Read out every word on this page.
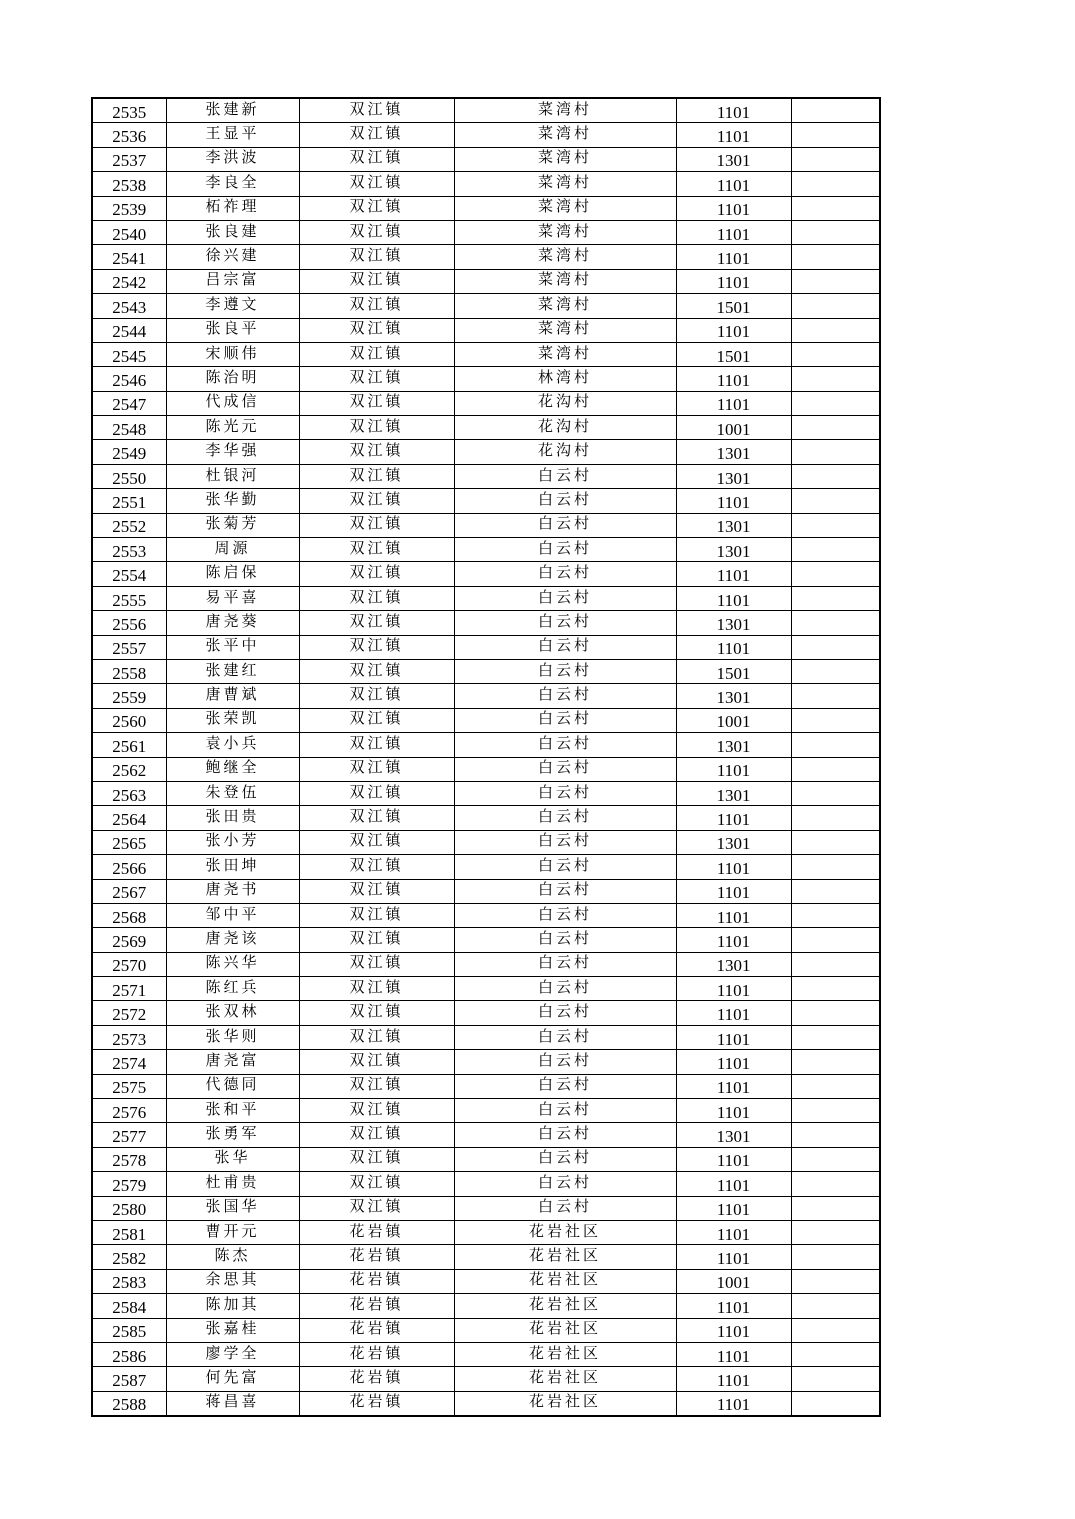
2535	张建新	双江镇	菜湾村	1101	
2536	王显平	双江镇	菜湾村	1101	
2537	李洪波	双江镇	菜湾村	1301	
2538	李良全	双江镇	菜湾村	1101	
2539	柘祚理	双江镇	菜湾村	1101	
2540	张良建	双江镇	菜湾村	1101	
2541	徐兴建	双江镇	菜湾村	1101	
2542	吕宗富	双江镇	菜湾村	1101	
2543	李遵文	双江镇	菜湾村	1501	
2544	张良平	双江镇	菜湾村	1101	
2545	宋顺伟	双江镇	菜湾村	1501	
2546	陈治明	双江镇	林湾村	1101	
2547	代成信	双江镇	花沟村	1101	
2548	陈光元	双江镇	花沟村	1001	
2549	李华强	双江镇	花沟村	1301	
2550	杜银河	双江镇	白云村	1301	
2551	张华勤	双江镇	白云村	1101	
2552	张菊芳	双江镇	白云村	1301	
2553	周源	双江镇	白云村	1301	
2554	陈启保	双江镇	白云村	1101	
2555	易平喜	双江镇	白云村	1101	
2556	唐尧葵	双江镇	白云村	1301	
2557	张平中	双江镇	白云村	1101	
2558	张建红	双江镇	白云村	1501	
2559	唐曹斌	双江镇	白云村	1301	
2560	张荣凯	双江镇	白云村	1001	
2561	袁小兵	双江镇	白云村	1301	
2562	鲍继全	双江镇	白云村	1101	
2563	朱登伍	双江镇	白云村	1301	
2564	张田贵	双江镇	白云村	1101	
2565	张小芳	双江镇	白云村	1301	
2566	张田坤	双江镇	白云村	1101	
2567	唐尧书	双江镇	白云村	1101	
2568	邹中平	双江镇	白云村	1101	
2569	唐尧该	双江镇	白云村	1101	
2570	陈兴华	双江镇	白云村	1301	
2571	陈红兵	双江镇	白云村	1101	
2572	张双林	双江镇	白云村	1101	
2573	张华则	双江镇	白云村	1101	
2574	唐尧富	双江镇	白云村	1101	
2575	代德同	双江镇	白云村	1101	
2576	张和平	双江镇	白云村	1101	
2577	张勇军	双江镇	白云村	1301	
2578	张华	双江镇	白云村	1101	
2579	杜甫贵	双江镇	白云村	1101	
2580	张国华	双江镇	白云村	1101	
2581	曹开元	花岩镇	花岩社区	1101	
2582	陈杰	花岩镇	花岩社区	1101	
2583	余思其	花岩镇	花岩社区	1001	
2584	陈加其	花岩镇	花岩社区	1101	
2585	张嘉桂	花岩镇	花岩社区	1101	
2586	廖学全	花岩镇	花岩社区	1101	
2587	何先富	花岩镇	花岩社区	1101	
2588	蒋昌喜	花岩镇	花岩社区	1101	
